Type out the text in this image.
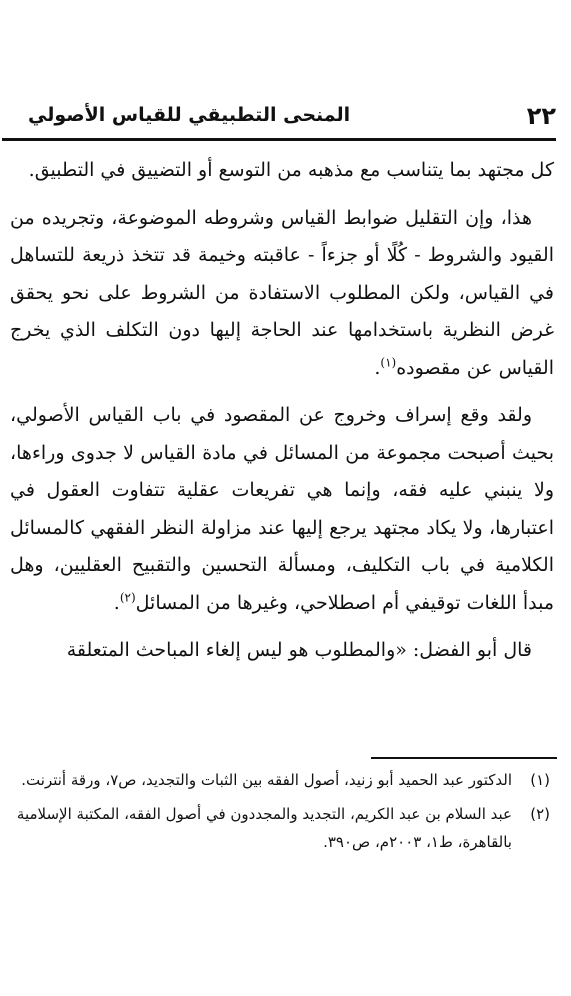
٢٢
المنحى التطبيقي للقياس الأصولي

كل مجتهد بما يتناسب مع مذهبه من التوسع أو التضييق في التطبيق.

هذا، وإن التقليل ضوابط القياس وشروطه الموضوعة، وتجريده من القيود والشروط - كُلًا أو جزءاً - عاقبته وخيمة قد تتخذ ذريعة للتساهل في القياس، ولكن المطلوب الاستفادة من الشروط على نحو يحقق غرض النظرية باستخدامها عند الحاجة إليها دون التكلف الذي يخرج القياس عن مقصوده$^{(١)}$.

ولقد وقع إسراف وخروج عن المقصود في باب القياس الأصولي، بحيث أصبحت مجموعة من المسائل في مادة القياس لا جدوى وراءها، ولا ينبني عليه فقه، وإنما هي تفريعات عقلية تتفاوت العقول في اعتبارها، ولا يكاد مجتهد يرجع إليها عند مزاولة النظر الفقهي كالمسائل الكلامية في باب التكليف، ومسألة التحسين والتقبيح العقليين، وهل مبدأ اللغات توقيفي أم اصطلاحي، وغيرها من المسائل$^{(٢)}$.

قال أبو الفضل: «والمطلوب هو ليس إلغاء المباحث المتعلقة

(١)
الدكتور عبد الحميد أبو زنيد، أصول الفقه بين الثبات والتجديد، ص٧، ورقة أنترنت.
(٢)
عبد السلام بن عبد الكريم، التجديد والمجددون في أصول الفقه، المكتبة الإسلامية بالقاهرة، ط١، ٢٠٠٣م، ص٣٩٠.
